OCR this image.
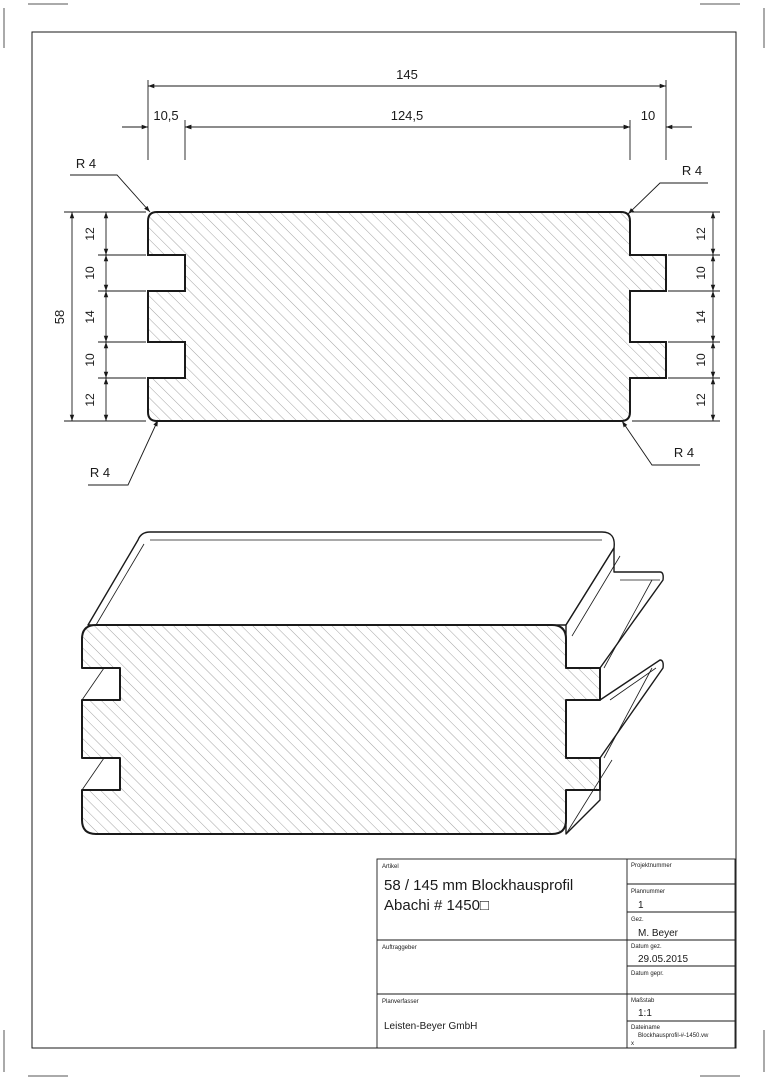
145
10,5	124,5	10
R 4	R 4
R 4
R 4
58
12
10
14
10
12
12
10
14
10
12
Artikel
58 / 145 mm Blockhausprofil
Abachi # 1450□
Auftraggeber
Planverfasser
Leisten-Beyer GmbH
Projektnummer
Plannummer
1
Gez.
M. Beyer
Datum gez.
29.05.2015
Datum gepr.
Maßstab
1:1
Dateiname
Blockhausprofil-#-1450.vw
x
